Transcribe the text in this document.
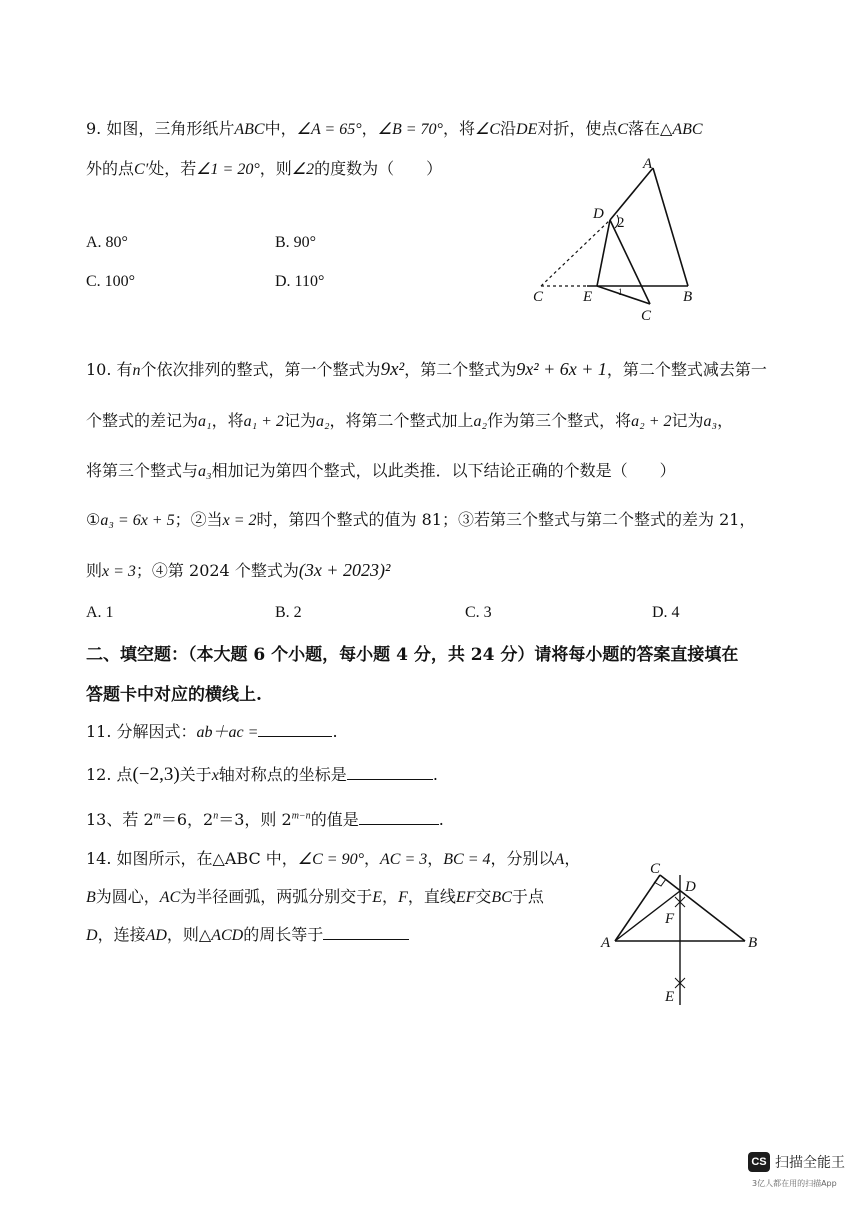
9. 如图，三角形纸片ABC中，∠A = 65°，∠B = 70°，将∠C沿DE对折，使点C落在△ABC
外的点C′处，若∠1 = 20°，则∠2的度数为（　　）
A. 80°	B. 90°
C. 100°	D. 110°
A
B
C
D
E
C
2
1
10. 有n个依次排列的整式，第一个整式为9x²，第二个整式为9x² + 6x + 1，第二个整式减去第一
个整式的差记为a₁，将a₁ + 2记为a₂，将第二个整式加上a₂作为第三个整式，将a₂ + 2记为a₃，
将第三个整式与a₃相加记为第四个整式，以此类推．以下结论正确的个数是（　　）
①a₃ = 6x + 5；②当x = 2时，第四个整式的值为 81；③若第三个整式与第二个整式的差为 21，
则x = 3；④第 2024 个整式为(3x + 2023)²
A. 1	B. 2	C. 3	D. 4
二、填空题：（本大题 6 个小题，每小题 4 分，共 24 分）请将每小题的答案直接填在
答题卡中对应的横线上.
11. 分解因式：ab＋ac =	.
12. 点(−2,3)关于x轴对称点的坐标是	.
13、若 $2^m=6$，$2^n=3$，则 $2^{m-n}$的值是	.
14. 如图所示，在△ABC 中，∠C = 90°，AC = 3，BC = 4，分别以A，
B为圆心，AC为半径画弧，两弧分别交于E，F，直线EF交BC于点
D，连接AD，则△ACD的周长等于	A	B
C
D
F
E
CS 扫描全能王
3亿人都在用的扫描App
